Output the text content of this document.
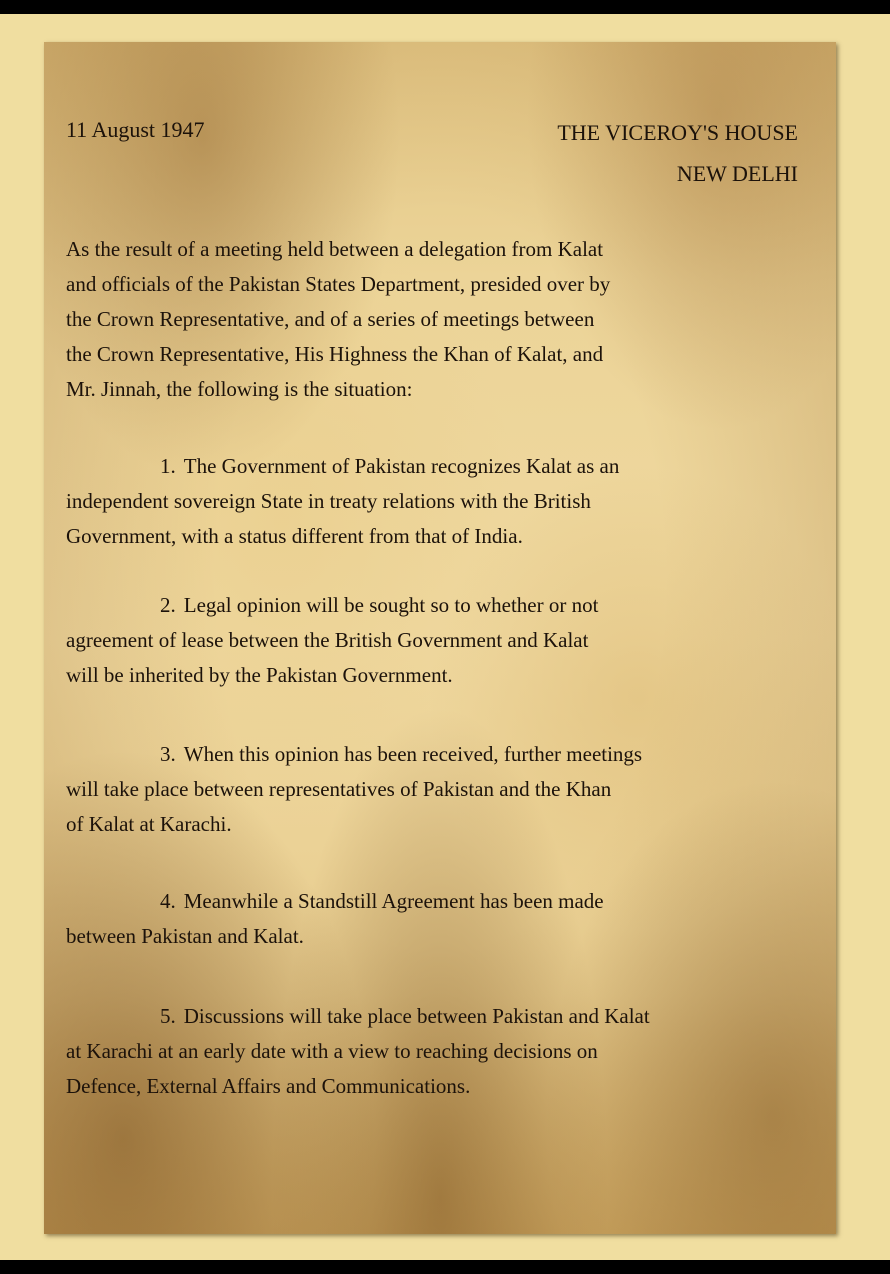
11 August 1947	THE VICEROY'S HOUSE
NEW DELHI
As the result of a meeting held between a delegation from Kalat
and officials of the Pakistan States Department, presided over by
the Crown Representative, and of a series of meetings between
the Crown Representative, His Highness the Khan of Kalat, and
Mr. Jinnah, the following is the situation:
1. The Government of Pakistan recognizes Kalat as an
independent sovereign State in treaty relations with the British
Government, with a status different from that of India.
2. Legal opinion will be sought so to whether or not
agreement of lease between the British Government and Kalat
will be inherited by the Pakistan Government.
3. When this opinion has been received, further meetings
will take place between representatives of Pakistan and the Khan
of Kalat at Karachi.
4. Meanwhile a Standstill Agreement has been made
between Pakistan and Kalat.
5. Discussions will take place between Pakistan and Kalat
at Karachi at an early date with a view to reaching decisions on
Defence, External Affairs and Communications.
